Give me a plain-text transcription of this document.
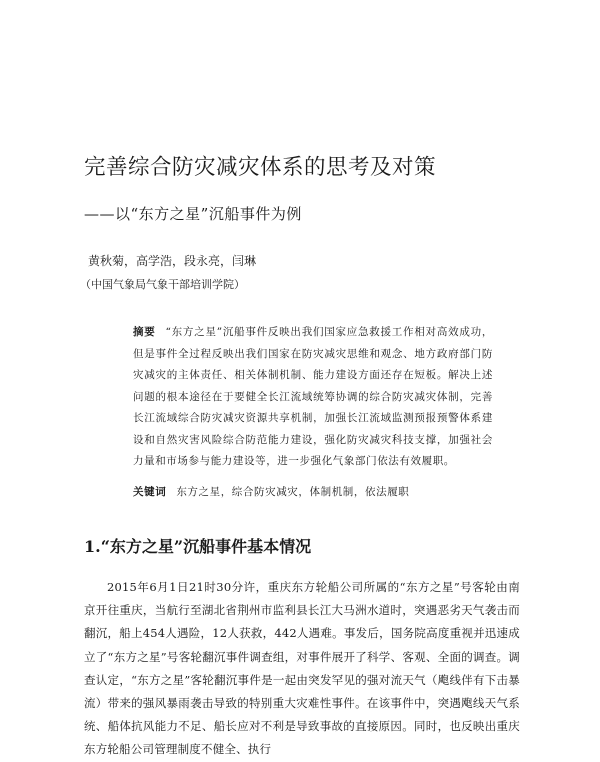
完善综合防灾减灾体系的思考及对策
——以“东方之星”沉船事件为例
黄秋菊，高学浩，段永亮，闫琳
（中国气象局气象干部培训学院）
摘要 “东方之星”沉船事件反映出我们国家应急救援工作相对高效成功，但是事件全过程反映出我们国家在防灾减灾思维和观念、地方政府部门防灾减灾的主体责任、相关体制机制、能力建设方面还存在短板。解决上述问题的根本途径在于要健全长江流域统筹协调的综合防灾减灾体制，完善长江流域综合防灾减灾资源共享机制，加强长江流域监测预报预警体系建设和自然灾害风险综合防范能力建设，强化防灾减灾科技支撑，加强社会力量和市场参与能力建设等，进一步强化气象部门依法有效履职。
关键词 东方之星，综合防灾减灾，体制机制，依法履职
1.“东方之星”沉船事件基本情况
2015年6月1日21时30分许，重庆东方轮船公司所属的“东方之星”号客轮由南京开往重庆，当航行至湖北省荆州市监利县长江大马洲水道时，突遇恶劣天气袭击而翻沉，船上454人遇险，12人获救，442人遇难。事发后，国务院高度重视并迅速成立了“东方之星”号客轮翻沉事件调查组，对事件展开了科学、客观、全面的调查。调查认定，“东方之星”客轮翻沉事件是一起由突发罕见的强对流天气（飑线伴有下击暴流）带来的强风暴雨袭击导致的特别重大灾难性事件。在该事件中，突遇飑线天气系统、船体抗风能力不足、船长应对不利是导致事故的直接原因。同时，也反映出重庆东方轮船公司管理制度不健全、执行
